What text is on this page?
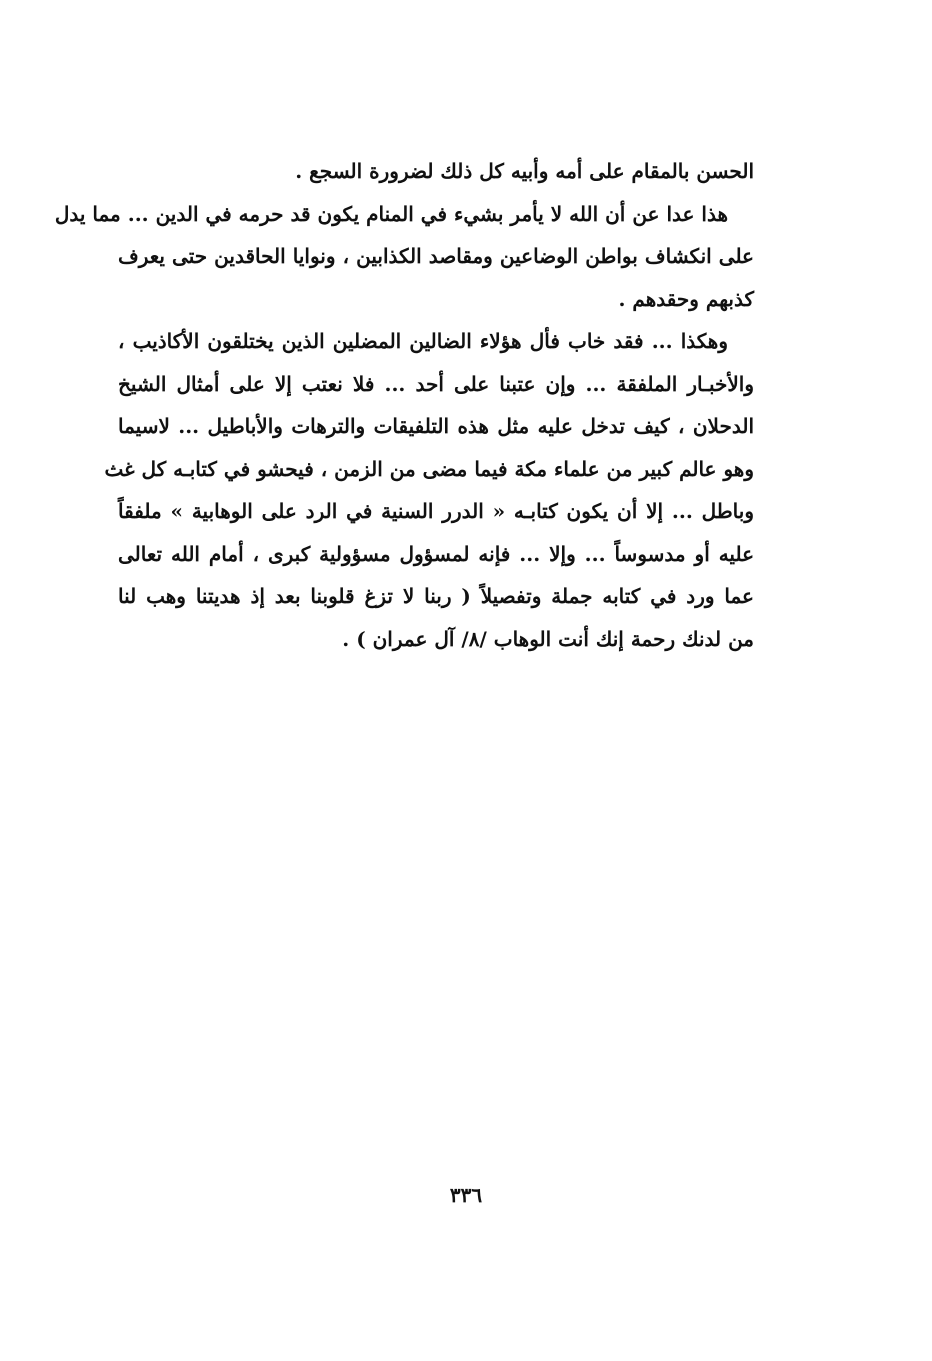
الحسن بالمقام على أمه وأبيه كل ذلك لضرورة السجع .
هذا عدا عن أن الله لا يأمر بشيء في المنام يكون قد حرمه في الدين ... مما يدل
على انكشاف بواطن الوضاعين ومقاصد الكذابين ، ونوايا الحاقدين حتى يعرف
كذبهم وحقدهم .
وهكذا ... فقد خاب فأل هؤلاء الضالين المضلين الذين يختلقون الأكاذيب ،
والأخبـار الملفقة ... وإن عتبنا على أحد ... فلا نعتب إلا على أمثال الشيخ
الدحلان ، كيف تدخل عليه مثل هذه التلفيقات والترهات والأباطيل ... لاسيما
وهو عالم كبير من علماء مكة فيما مضى من الزمن ، فيحشو في كتابـه كل غث
وباطل ... إلا أن يكون كتابـه « الدرر السنية في الرد على الوهابية » ملفقاً
عليه أو مدسوساً ... وإلا ... فإنه لمسؤول مسؤولية كبرى ، أمام الله تعالى
عما ورد في كتابه جملة وتفصيلاً ( ربنا لا تزغ قلوبنا بعد إذ هديتنا وهب لنا
من لدنك رحمة إنك أنت الوهاب /٨/ آل عمران ) .
٣٣٦
